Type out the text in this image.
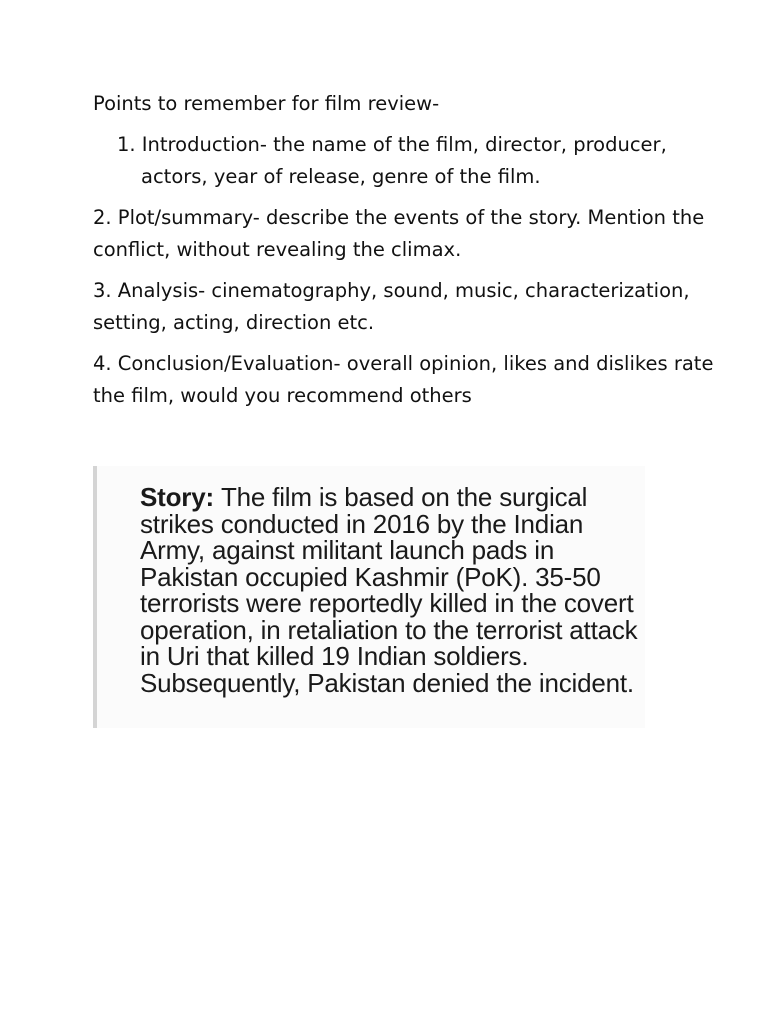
Points to remember for film review-

1. Introduction- the name of the film, director, producer, actors, year of release, genre of the film.

2. Plot/summary- describe the events of the story. Mention the conflict, without revealing the climax.

3. Analysis- cinematography, sound, music, characterization, setting, acting, direction etc.

4. Conclusion/Evaluation- overall opinion, likes and dislikes rate the film, would you recommend others

Story: The film is based on the surgical strikes conducted in 2016 by the Indian Army, against militant launch pads in Pakistan occupied Kashmir (PoK). 35-50 terrorists were reportedly killed in the covert operation, in retaliation to the terrorist attack in Uri that killed 19 Indian soldiers. Subsequently, Pakistan denied the incident.
